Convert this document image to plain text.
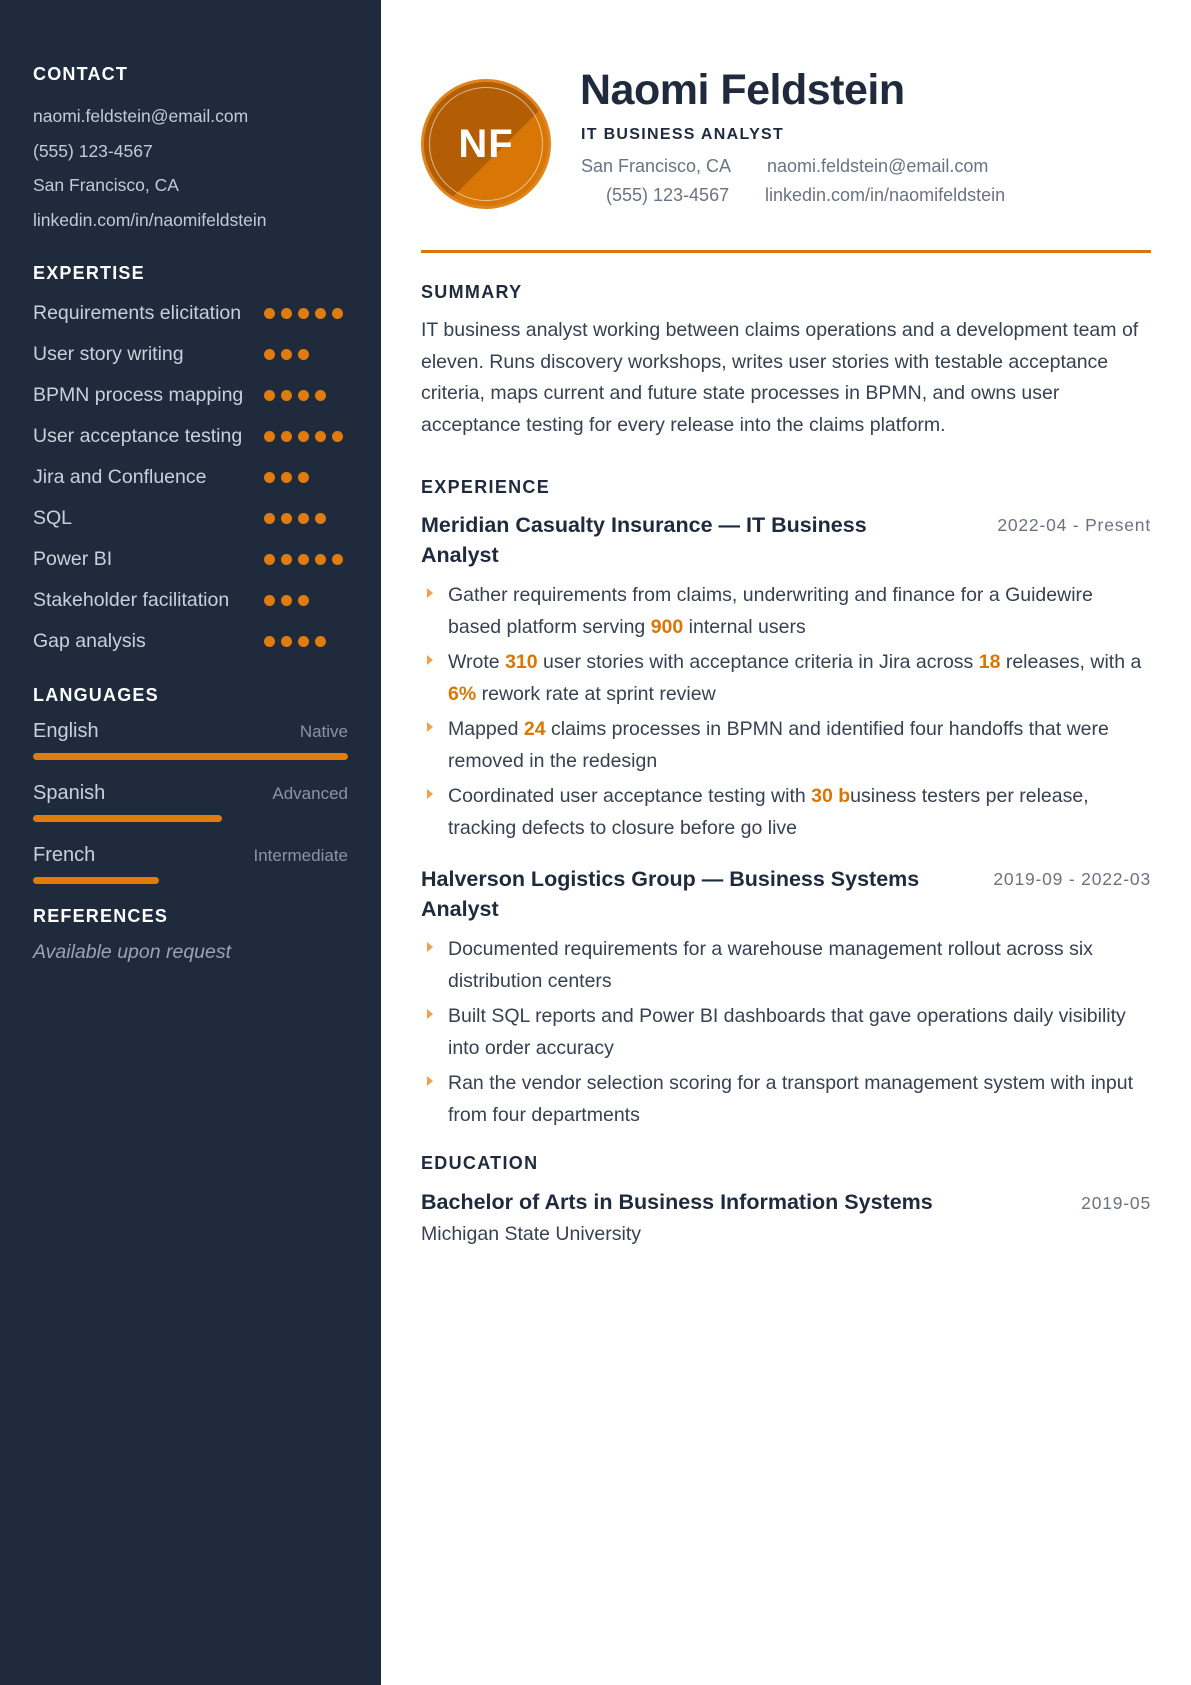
CONTACT
naomi.feldstein@email.com
(555) 123-4567
San Francisco, CA
linkedin.com/in/naomifeldstein
EXPERTISE
Requirements elicitation
User story writing
BPMN process mapping
User acceptance testing
Jira and Confluence
SQL
Power BI
Stakeholder facilitation
Gap analysis
LANGUAGES
English	Native
Spanish	Advanced
French	Intermediate
REFERENCES
Available upon request
NF
Naomi Feldstein
IT BUSINESS ANALYST
San Francisco, CA naomi.feldstein@email.com
(555) 123-4567 linkedin.com/in/naomifeldstein
SUMMARY

IT business analyst working between claims operations and a development team of eleven. Runs discovery workshops, writes user stories with testable acceptance criteria, maps current and future state processes in BPMN, and owns user acceptance testing for every release into the claims platform.

EXPERIENCE
Meridian Casualty Insurance — IT Business Analyst
2022-04 - Present
Gather requirements from claims, underwriting and finance for a Guidewire based platform serving 900 internal users
Wrote 310 user stories with acceptance criteria in Jira across 18 releases, with a 6% rework rate at sprint review
Mapped 24 claims processes in BPMN and identified four handoffs that were removed in the redesign
Coordinated user acceptance testing with 30 business testers per release, tracking defects to closure before go live
Halverson Logistics Group — Business Systems Analyst
2019-09 - 2022-03
Documented requirements for a warehouse management rollout across six distribution centers
Built SQL reports and Power BI dashboards that gave operations daily visibility into order accuracy
Ran the vendor selection scoring for a transport management system with input from four departments
EDUCATION
Bachelor of Arts in Business Information Systems	2019-05
Michigan State University
